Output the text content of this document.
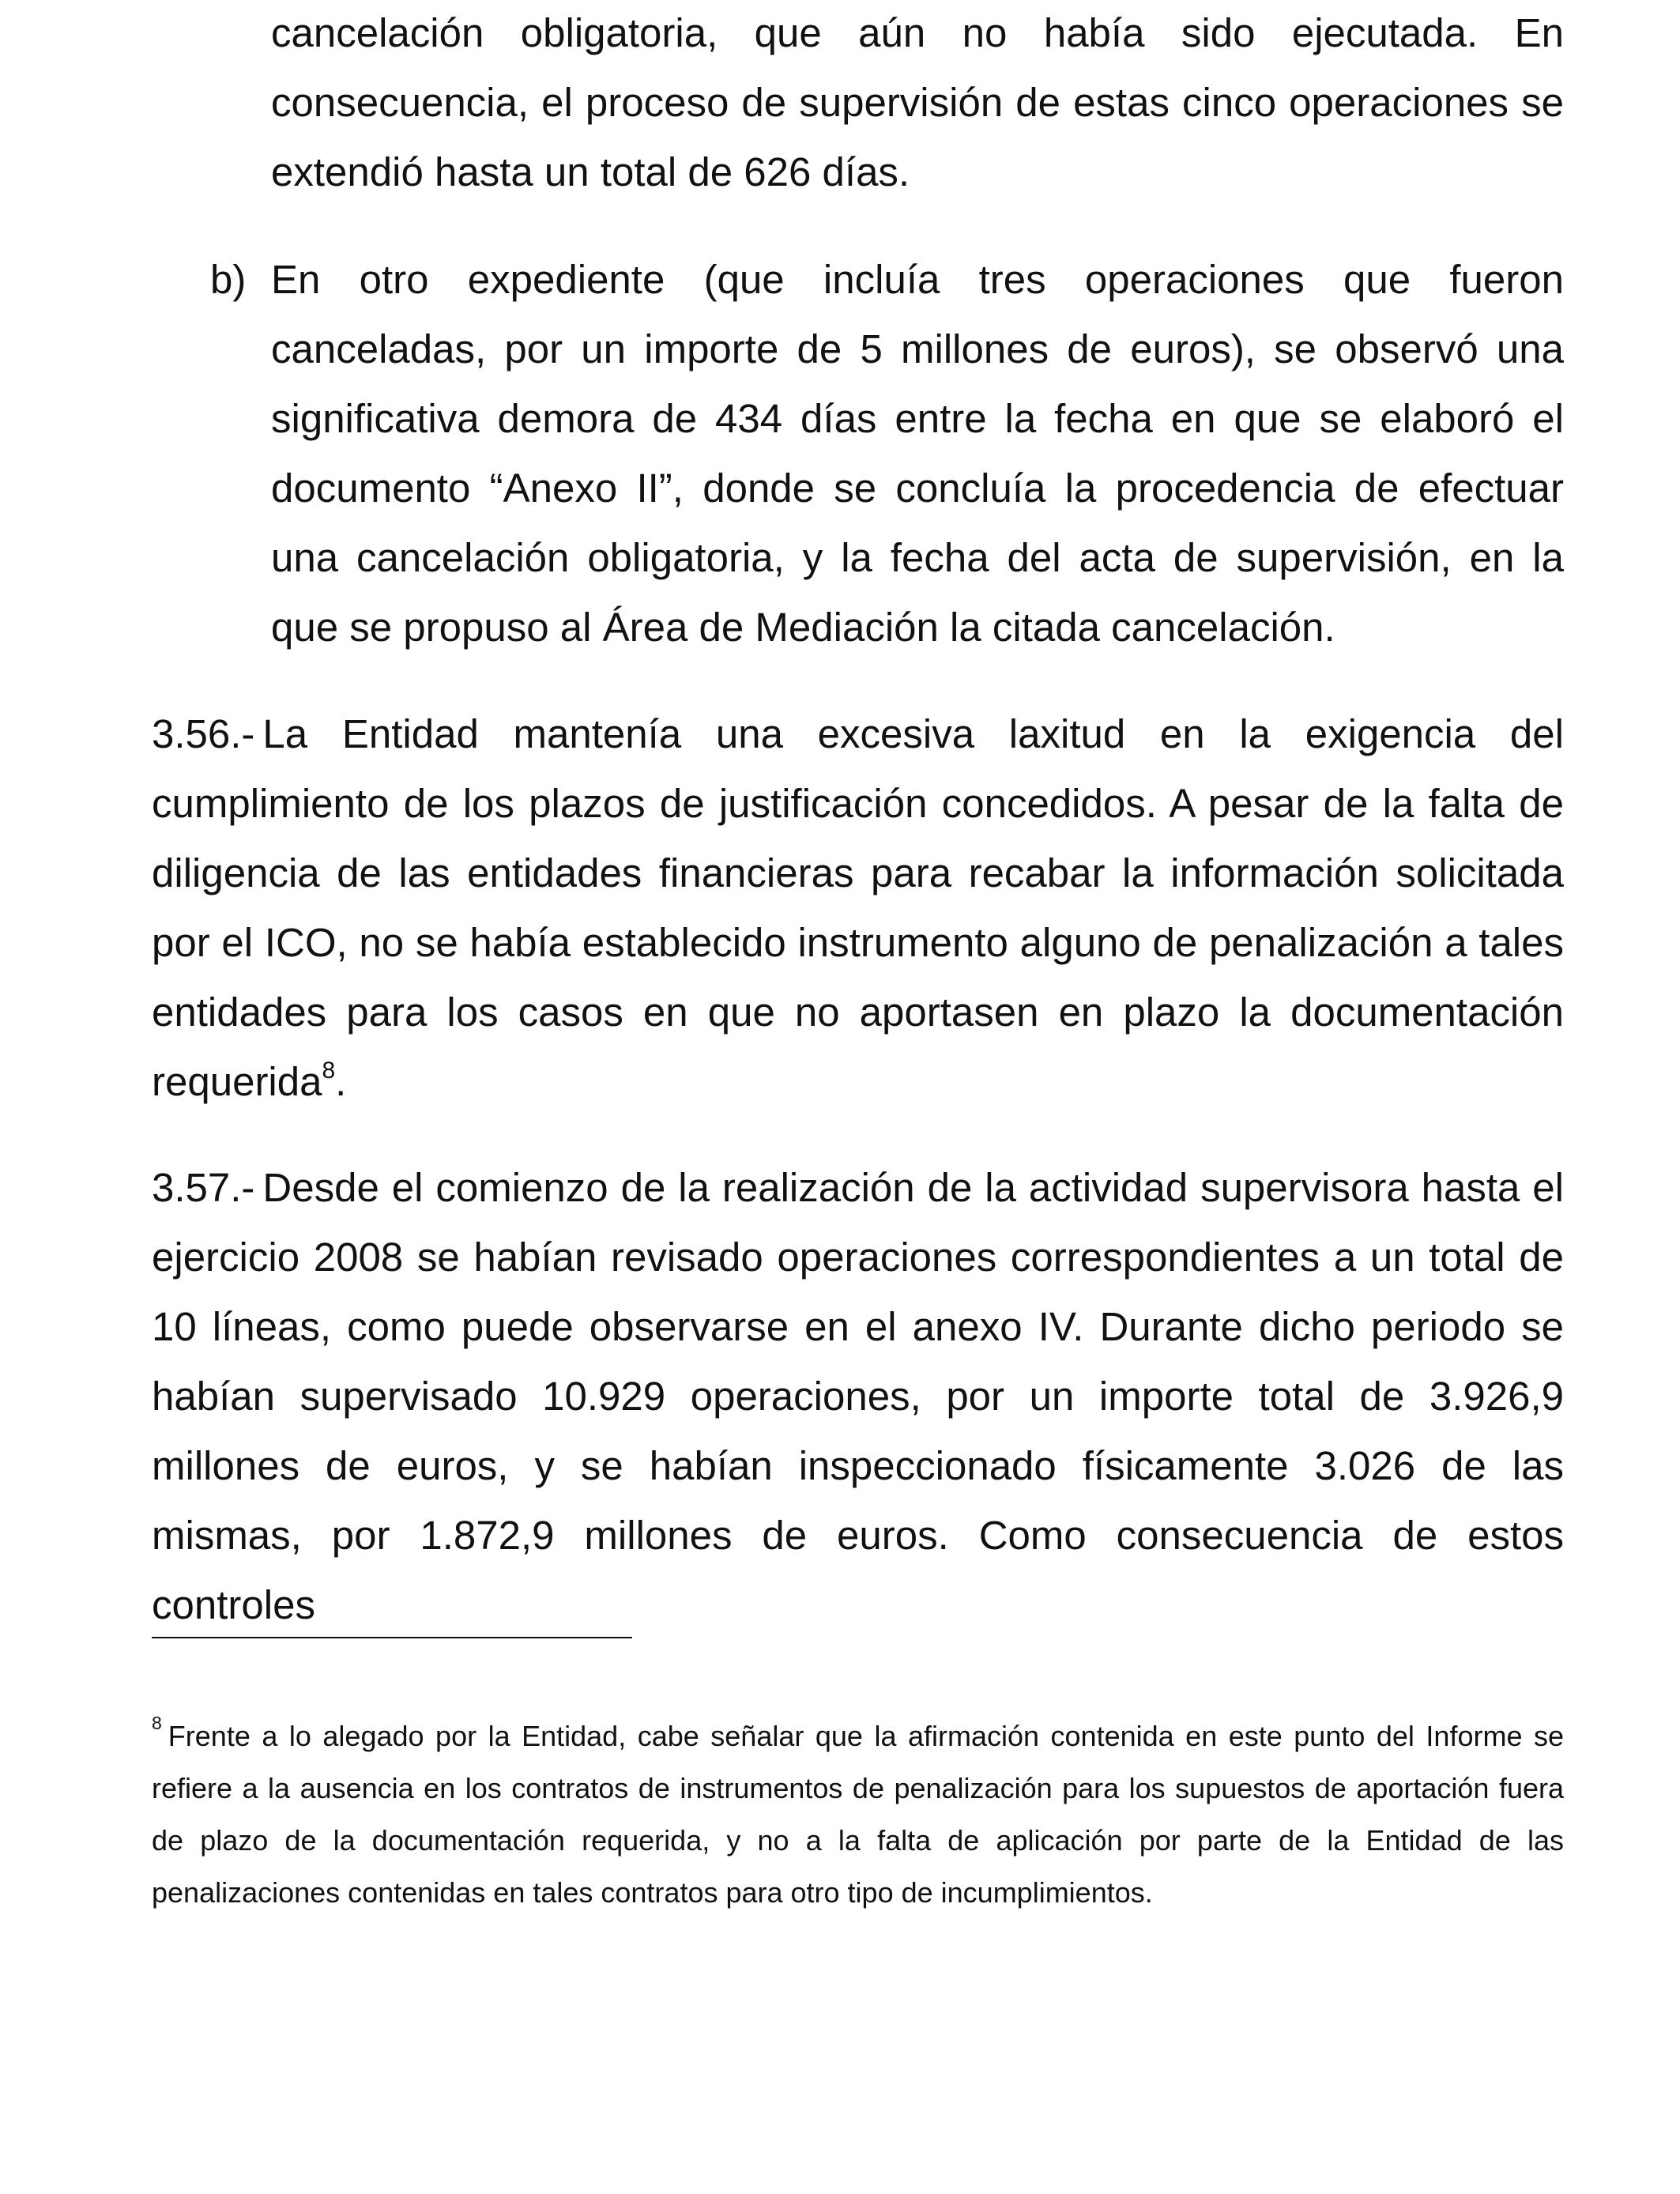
cancelación obligatoria, que aún no había sido ejecutada. En consecuencia, el proceso de supervisión de estas cinco operaciones se extendió hasta un total de 626 días.

b) En otro expediente (que incluía tres operaciones que fueron canceladas, por un importe de 5 millones de euros), se observó una significativa demora de 434 días entre la fecha en que se elaboró el documento “Anexo II”, donde se concluía la procedencia de efectuar una cancelación obligatoria, y la fecha del acta de supervisión, en la que se propuso al Área de Mediación la citada cancelación.

3.56.- La Entidad mantenía una excesiva laxitud en la exigencia del cumplimiento de los plazos de justificación concedidos. A pesar de la falta de diligencia de las entidades financieras para recabar la información solicitada por el ICO, no se había establecido instrumento alguno de penalización a tales entidades para los casos en que no aportasen en plazo la documentación requerida$^8$.

3.57.- Desde el comienzo de la realización de la actividad supervisora hasta el ejercicio 2008 se habían revisado operaciones correspondientes a un total de 10 líneas, como puede observarse en el anexo IV. Durante dicho periodo se habían supervisado 10.929 operaciones, por un importe total de 3.926,9 millones de euros, y se habían inspeccionado físicamente 3.026 de las mismas, por 1.872,9 millones de euros. Como consecuencia de estos controles

$^8$ Frente a lo alegado por la Entidad, cabe señalar que la afirmación contenida en este punto del Informe se refiere a la ausencia en los contratos de instrumentos de penalización para los supuestos de aportación fuera de plazo de la documentación requerida, y no a la falta de aplicación por parte de la Entidad de las penalizaciones contenidas en tales contratos para otro tipo de incumplimientos.
